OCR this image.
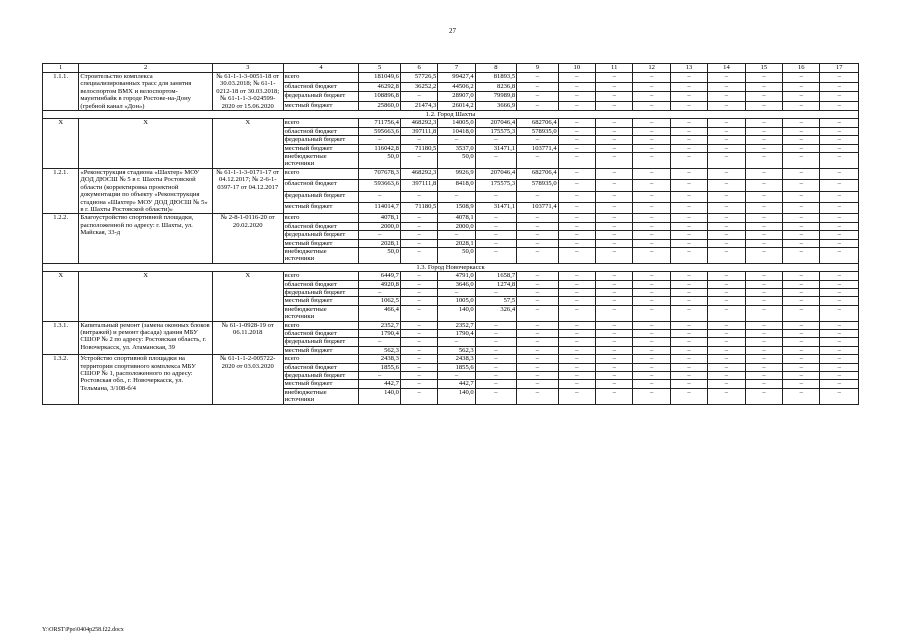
27
1	2	3	4	5	6	7	8	9	10	11	12	13	14	15	16	17
1.1.1.	Строительство комплекса специализированных трасс для занятия велоспортом BMX и велоспортом-маунтинбайк в городе Ростове-на-Дону (гребной канал «Дон»)	№ 61-1-1-3-0051-18 от 30.03.2018; № 61-1-0212-18 от 30.03.2018; № 61-1-1-3-024599-2020 от 15.06.2020	всего	181049,6	57726,5	99427,4	81893,5	–	–	–	–	–	–	–	–	–
			областной бюджет	46292,8	36252,2	44506,2	8236,8	–	–	–	–	–	–	–	–	–
			федеральный бюджет	108896,8	–	28907,0	79989,8	–	–	–	–	–	–	–	–	–
			местный бюджет	25860,0	21474,3	26014,2	3666,9	–	–	–	–	–	–	–	–	–
1.2. Город Шахты																
Х	Х	Х	всего	711756,4	468292,3	14005,0	207046,4	682706,4	–	–	–	–	–	–	–	–
			областной бюджет	595663,6	397111,8	10418,0	175575,3	578935,0	–	–	–	–	–	–	–	–
			федеральный бюджет	–	–	–	–	–	–	–	–	–	–	–	–	–
			местный бюджет	116042,8	71180,5	3537,0	31471,1	103771,4	–	–	–	–	–	–	–	–
			внебюджетные источники	50,0	–	50,0	–	–	–	–	–	–	–	–	–	–
1.2.1.	«Реконструкция стадиона «Шахтер» МОУ ДОД ДЮСШ № 5 в г. Шахты Ростовской области (корректировка проектной документации по объекту «Реконструкция стадиона «Шахтер» МОУ ДОД ДЮСШ № 5» в г. Шахты Ростовской области)»	№ 61-1-1-3-0171-17 от 04.12.2017; № 2-6-1-0397-17 от 04.12.2017	всего	707678,3	468292,3	9926,9	207046,4	682706,4	–	–	–	–	–	–	–	–
			областной бюджет	593663,6	397111,8	8418,0	175575,3	578935,0	–	–	–	–	–	–	–	–
			федеральный бюджет	–	–	–	–	–	–	–	–	–	–	–	–	–
			местный бюджет	114014,7	71180,5	1508,9	31471,1	103771,4	–	–	–	–	–	–	–	–
1.2.2.	Благоустройство спортивной площадки, расположенной по адресу: г. Шахты, ул. Майская, 33-д	№ 2-8-1-0116-20 от 20.02.2020	всего	4078,1	–	4078,1	–	–	–	–	–	–	–	–	–	–
			областной бюджет	2000,0	–	2000,0	–	–	–	–	–	–	–	–	–	–
			федеральный бюджет	–	–	–	–	–	–	–	–	–	–	–	–	–
			местный бюджет	2028,1	–	2028,1	–	–	–	–	–	–	–	–	–	–
			внебюджетные источники	50,0	–	50,0	–	–	–	–	–	–	–	–	–	–
1.3. Город Новочеркасск																
Х	Х	Х	всего	6449,7	–	4791,0	1658,7	–	–	–	–	–	–	–	–	–
			областной бюджет	4920,8	–	3646,0	1274,8	–	–	–	–	–	–	–	–	–
			федеральный бюджет	–	–	–	–	–	–	–	–	–	–	–	–	–
			местный бюджет	1062,5	–	1005,0	57,5	–	–	–	–	–	–	–	–	–
			внебюджетные источники	466,4	–	140,0	326,4	–	–	–	–	–	–	–	–	–
1.3.1.	Капитальный ремонт (замена оконных блоков (витражей) и ремонт фасада) здания МБУ СШОР № 2 по адресу: Ростовская область, г. Новочеркасск, ул. Атаманская, 39	№ 61-1-0928-19 от 06.11.2018	всего	2352,7	–	2352,7	–	–	–	–	–	–	–	–	–	–
			областной бюджет	1790,4	–	1790,4	–	–	–	–	–	–	–	–	–	–
			федеральный бюджет	–	–	–	–	–	–	–	–	–	–	–	–	–
			местный бюджет	562,3	–	562,3	–	–	–	–	–	–	–	–	–	–
1.3.2.	Устройство спортивной площадки на территории спортивного комплекса МБУ СШОР № 1, расположенного по адресу: Ростовская обл., г. Новочеркасск, ул. Тельмана, 3/108-б/4	№ 61-1-1-2-005722-2020 от 03.03.2020	всего	2438,3	–	2438,3	–	–	–	–	–	–	–	–	–	–
			областной бюджет	1855,6	–	1855,6	–	–	–	–	–	–	–	–	–	–
			федеральный бюджет	–	–	–	–	–	–	–	–	–	–	–	–	–
			местный бюджет	442,7	–	442,7	–	–	–	–	–	–	–	–	–	–
			внебюджетные источники	140,0	–	140,0	–	–	–	–	–	–	–	–	–	–
Y:\ORST\Ppo\0404p258.f22.docx
